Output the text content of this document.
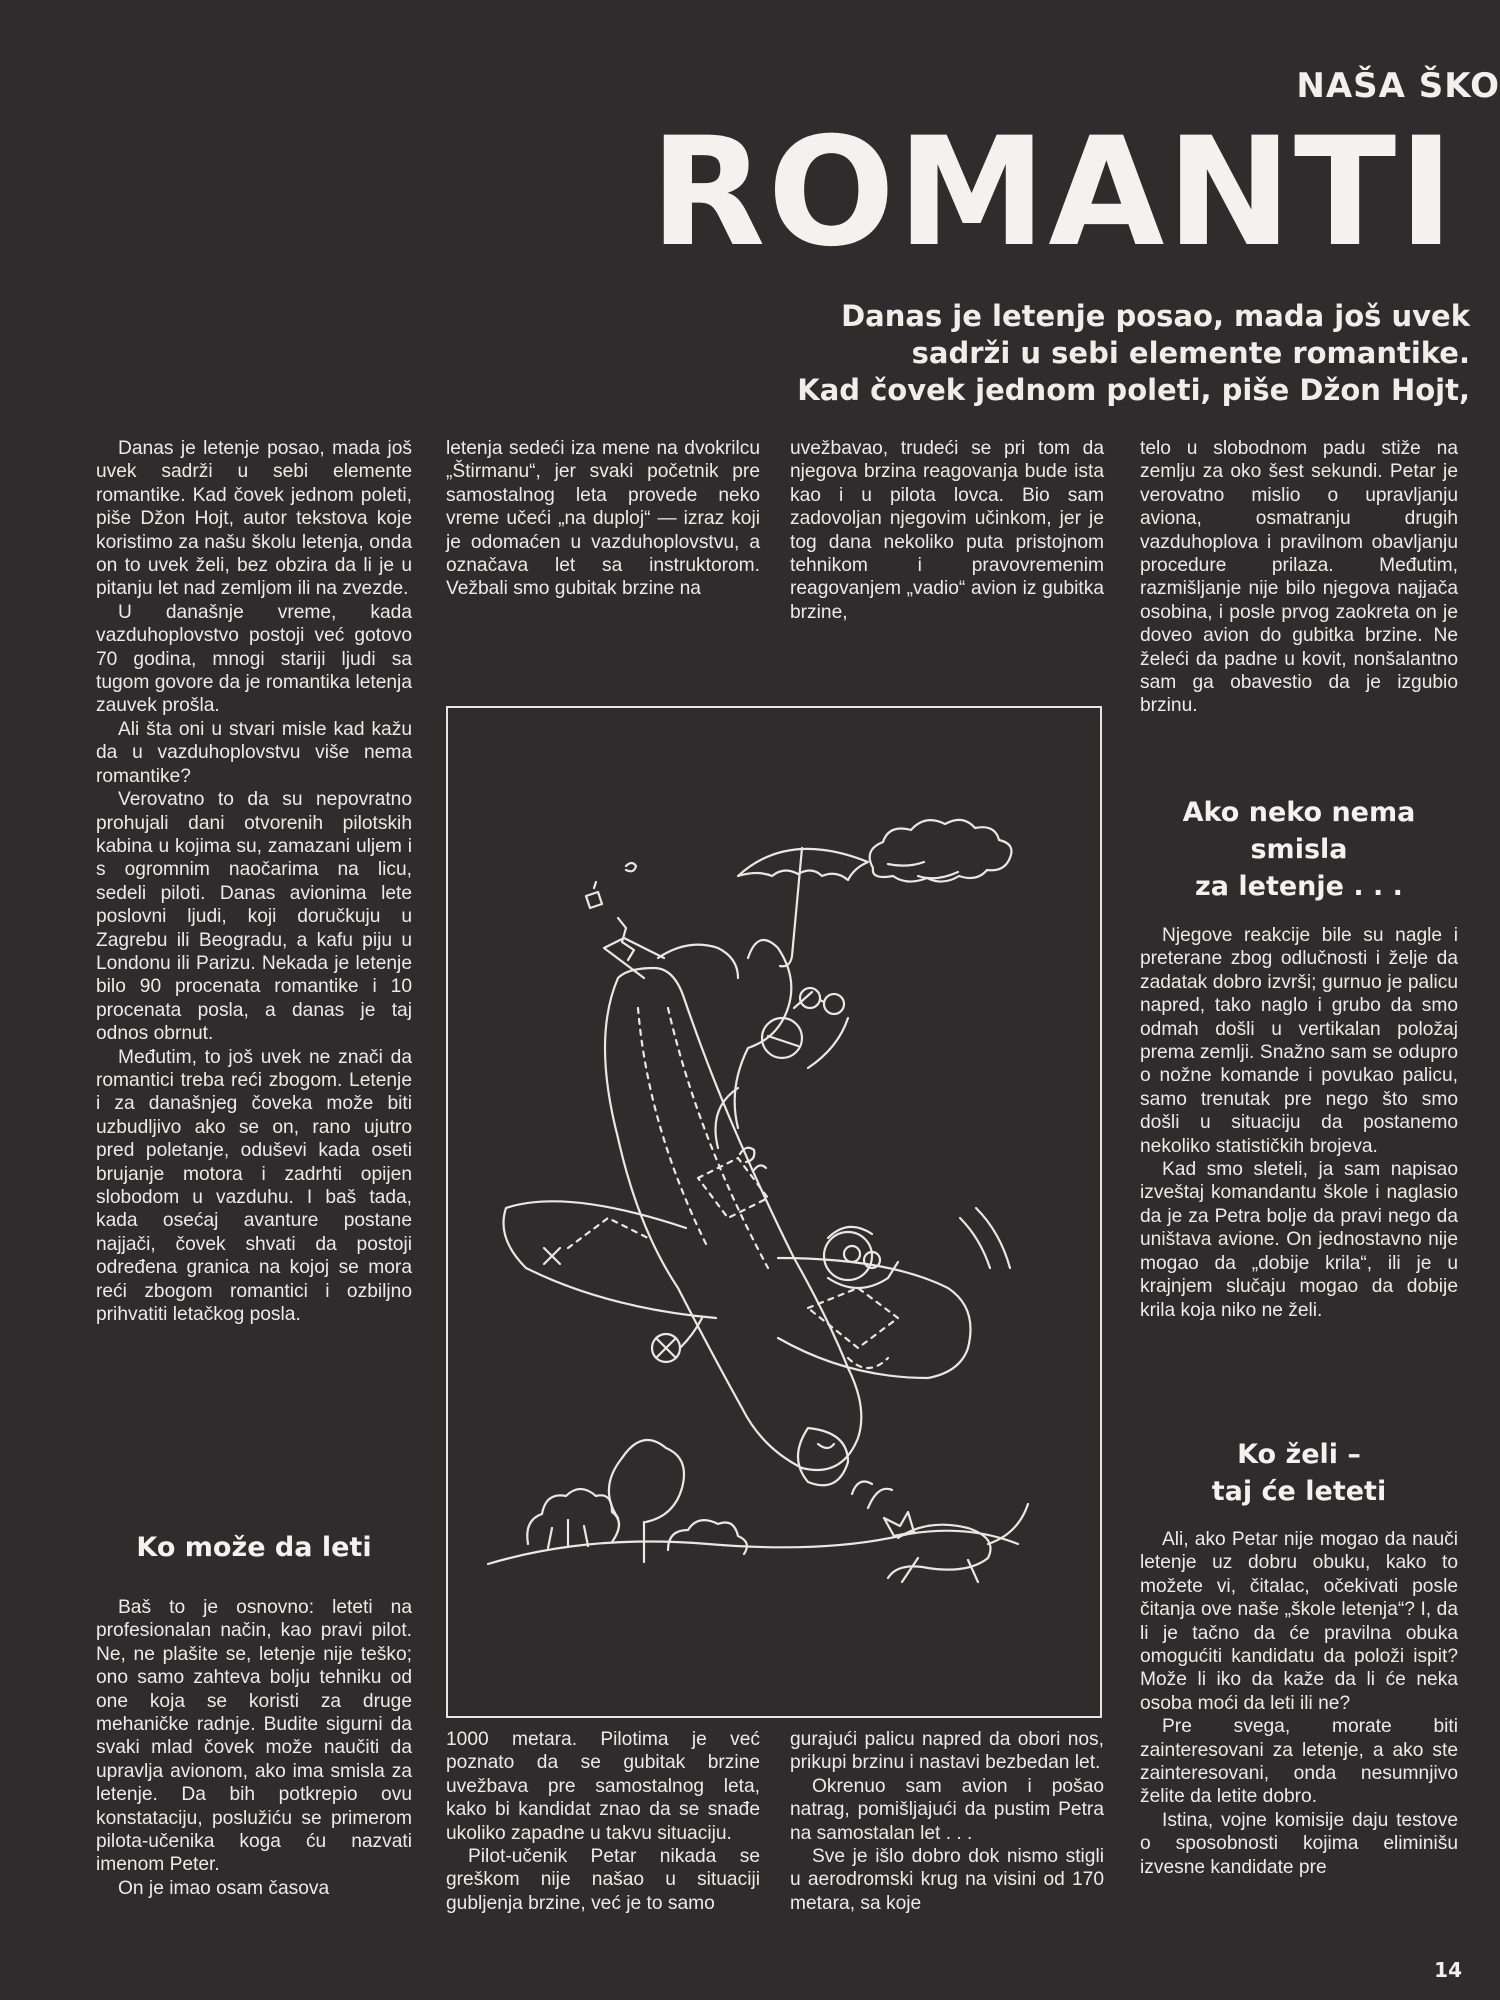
NAŠA ŠKO
ROMANTI
Danas je letenje posao, mada još uvek
sadrži u sebi elemente romantike.
Kad čovek jednom poleti, piše Džon Hojt,

Danas je letenje posao, mada još uvek sadrži u sebi elemente romantike. Kad čovek jednom poleti, piše Džon Hojt, autor tekstova koje koristimo za našu školu letenja, onda on to uvek želi, bez obzira da li je u pitanju let nad zemljom ili na zvezde.

U današnje vreme, kada vazduhoplovstvo postoji već gotovo 70 godina, mnogi stariji ljudi sa tugom govore da je romantika letenja zauvek prošla.

Ali šta oni u stvari misle kad kažu da u vazduhoplovstvu više nema romantike?

Verovatno to da su nepovratno prohujali dani otvorenih pilotskih kabina u kojima su, zamazani uljem i s ogromnim naočarima na licu, sedeli piloti. Danas avionima lete poslovni ljudi, koji doručkuju u Zagrebu ili Beogradu, a kafu piju u Londonu ili Parizu. Nekada je letenje bilo 90 procenata romantike i 10 procenata posla, a danas je taj odnos obrnut.

Međutim, to još uvek ne znači da romantici treba reći zbogom. Letenje i za današnjeg čoveka može biti uzbudljivo ako se on, rano ujutro pred poletanje, oduševi kada oseti brujanje motora i zadrhti opijen slobodom u vazduhu. I baš tada, kada osećaj avanture postane najjači, čovek shvati da postoji određena granica na kojoj se mora reći zbogom romantici i ozbiljno prihvatiti letačkog posla.

Ko može da leti

Baš to je osnovno: leteti na profesionalan način, kao pravi pilot. Ne, ne plašite se, letenje nije teško; ono samo zahteva bolju tehniku od one koja se koristi za druge mehaničke radnje. Budite sigurni da svaki mlad čovek može naučiti da upravlja avionom, ako ima smisla za letenje. Da bih potkrepio ovu konstataciju, poslužiću se primerom pilota-učenika koga ću nazvati imenom Peter.

On je imao osam časova

letenja sedeći iza mene na dvokrilcu „Štirmanu“, jer svaki početnik pre samostalnog leta provede neko vreme učeći „na duploj“ — izraz koji je odomaćen u vazduhoplovstvu, a označava let sa instruktorom. Vežbali smo gubitak brzine na

1000 metara. Pilotima je već poznato da se gubitak brzine uvežbava pre samostalnog leta, kako bi kandidat znao da se snađe ukoliko zapadne u takvu situaciju.

Pilot-učenik Petar nikada se greškom nije našao u situaciji gubljenja brzine, već je to samo

uvežbavao, trudeći se pri tom da njegova brzina reagovanja bude ista kao i u pilota lovca. Bio sam zadovoljan njegovim učinkom, jer je tog dana nekoliko puta pristojnom tehnikom i pravovremenim reagovanjem „vadio“ avion iz gubitka brzine,

gurajući palicu napred da obori nos, prikupi brzinu i nastavi bezbedan let.

Okrenuo sam avion i pošao natrag, pomišljajući da pustim Petra na samostalan let . . .

Sve je išlo dobro dok nismo stigli u aerodromski krug na visini od 170 metara, sa koje

telo u slobodnom padu stiže na zemlju za oko šest sekundi. Petar je verovatno mislio o upravljanju aviona, osmatranju drugih vazduhoplova i pravilnom obavljanju procedure prilaza. Međutim, razmišljanje nije bilo njegova najjača osobina, i posle prvog zaokreta on je doveo avion do gubitka brzine. Ne želeći da padne u kovit, nonšalantno sam ga obavestio da je izgubio brzinu.

Ako neko nema
smisla
za letenje . . .

Njegove reakcije bile su nagle i preterane zbog odlučnosti i želje da zadatak dobro izvrši; gurnuo je palicu napred, tako naglo i grubo da smo odmah došli u vertikalan položaj prema zemlji. Snažno sam se odupro o nožne komande i povukao palicu, samo trenutak pre nego što smo došli u situaciju da postanemo nekoliko statističkih brojeva.

Kad smo sleteli, ja sam napisao izveštaj komandantu škole i naglasio da je za Petra bolje da pravi nego da uništava avione. On jednostavno nije mogao da „dobije krila“, ili je u krajnjem slučaju mogao da dobije krila koja niko ne želi.

Ko želi –
taj će leteti

Ali, ako Petar nije mogao da nauči letenje uz dobru obuku, kako to možete vi, čitalac, očekivati posle čitanja ove naše „škole letenja“? I, da li je tačno da će pravilna obuka omogućiti kandidatu da položi ispit? Može li iko da kaže da li će neka osoba moći da leti ili ne?

Pre svega, morate biti zainteresovani za letenje, a ako ste zainteresovani, onda nesumnjivo želite da letite dobro.

Istina, vojne komisije daju testove o sposobnosti kojima eliminišu izvesne kandidate pre

14
